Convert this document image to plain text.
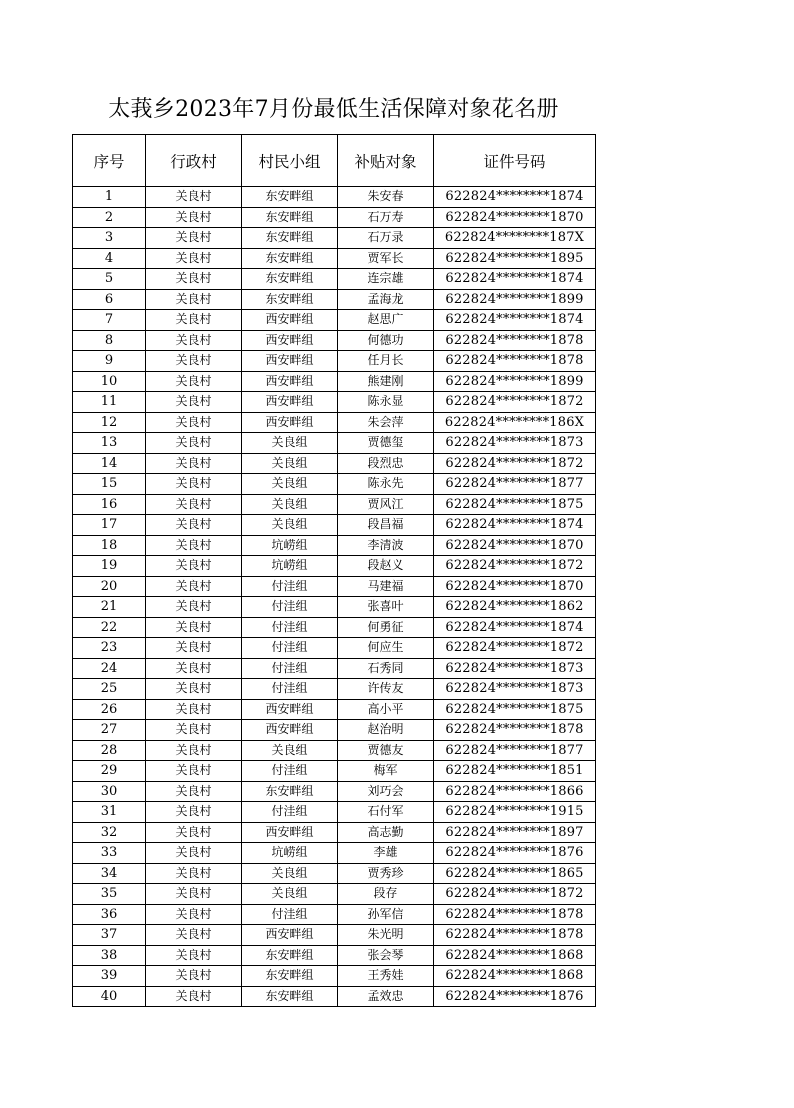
太莪乡2023年7月份最低生活保障对象花名册
序号	行政村	村民小组	补贴对象	证件号码
1	关良村	东安畔组	朱安春	622824********1874
2	关良村	东安畔组	石万寿	622824********1870
3	关良村	东安畔组	石万录	622824********187X
4	关良村	东安畔组	贾军长	622824********1895
5	关良村	东安畔组	连宗雄	622824********1874
6	关良村	东安畔组	孟海龙	622824********1899
7	关良村	西安畔组	赵思广	622824********1874
8	关良村	西安畔组	何德功	622824********1878
9	关良村	西安畔组	任月长	622824********1878
10	关良村	西安畔组	熊建刚	622824********1899
11	关良村	西安畔组	陈永显	622824********1872
12	关良村	西安畔组	朱会萍	622824********186X
13	关良村	关良组	贾德玺	622824********1873
14	关良村	关良组	段烈忠	622824********1872
15	关良村	关良组	陈永先	622824********1877
16	关良村	关良组	贾风江	622824********1875
17	关良村	关良组	段昌福	622824********1874
18	关良村	坑崂组	李清波	622824********1870
19	关良村	坑崂组	段赵义	622824********1872
20	关良村	付洼组	马建福	622824********1870
21	关良村	付洼组	张喜叶	622824********1862
22	关良村	付洼组	何勇征	622824********1874
23	关良村	付洼组	何应生	622824********1872
24	关良村	付洼组	石秀同	622824********1873
25	关良村	付洼组	许传友	622824********1873
26	关良村	西安畔组	高小平	622824********1875
27	关良村	西安畔组	赵治明	622824********1878
28	关良村	关良组	贾德友	622824********1877
29	关良村	付洼组	梅军	622824********1851
30	关良村	东安畔组	刘巧会	622824********1866
31	关良村	付洼组	石付军	622824********1915
32	关良村	西安畔组	高志勤	622824********1897
33	关良村	坑崂组	李雄	622824********1876
34	关良村	关良组	贾秀珍	622824********1865
35	关良村	关良组	段存	622824********1872
36	关良村	付洼组	孙军信	622824********1878
37	关良村	西安畔组	朱光明	622824********1878
38	关良村	东安畔组	张会琴	622824********1868
39	关良村	东安畔组	王秀娃	622824********1868
40	关良村	东安畔组	孟效忠	622824********1876
